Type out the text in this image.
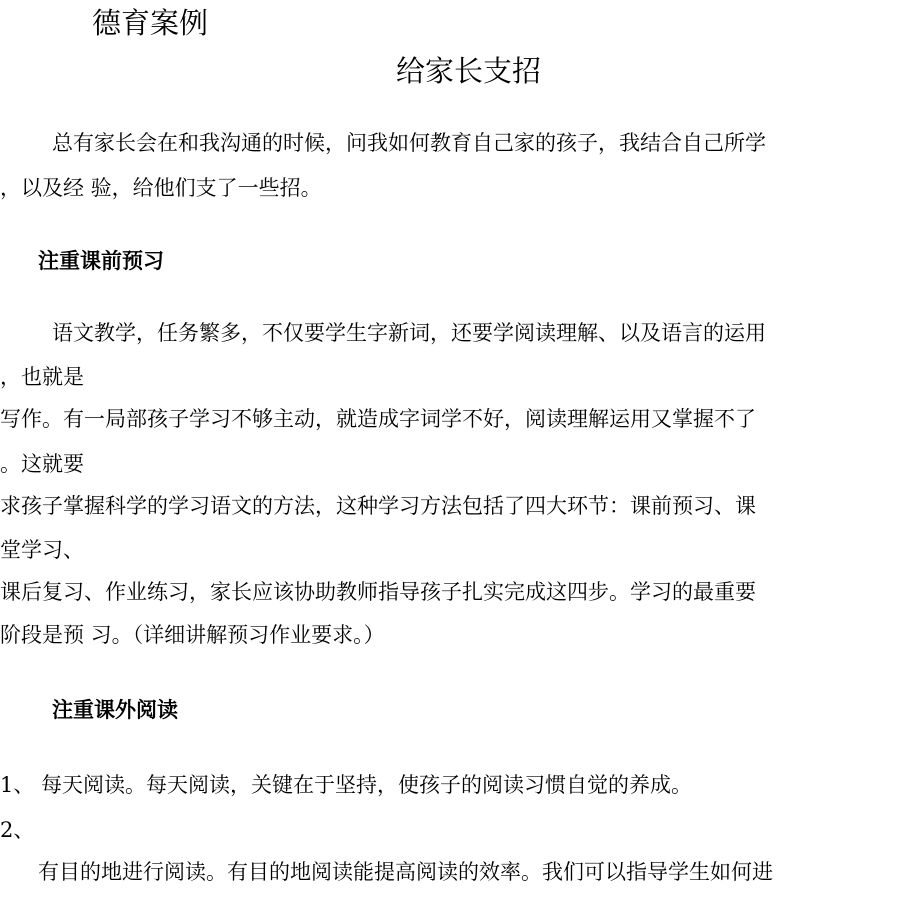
德育案例
给家长支招
总有家长会在和我沟通的时候，问我如何教育自己家的孩子，我结合自己所学
，以及经 验，给他们支了一些招。
注重课前预习
语文教学，任务繁多，不仅要学生字新词，还要学阅读理解、以及语言的运用
，也就是
写作。有一局部孩子学习不够主动，就造成字词学不好，阅读理解运用又掌握不了
。这就要
求孩子掌握科学的学习语文的方法，这种学习方法包括了四大环节：课前预习、课
堂学习、
课后复习、作业练习，家长应该协助教师指导孩子扎实完成这四步。学习的最重要
阶段是预 习。（详细讲解预习作业要求。）
注重课外阅读
1、 每天阅读。每天阅读，关键在于坚持，使孩子的阅读习惯自觉的养成。
2、
有目的地进行阅读。有目的地阅读能提高阅读的效率。我们可以指导学生如何进
